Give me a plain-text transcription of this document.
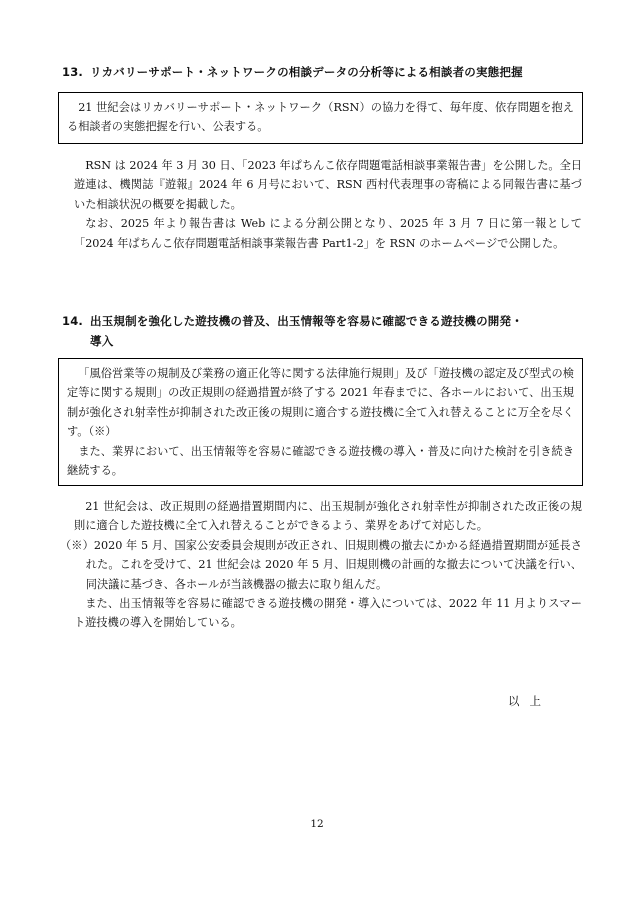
13. リカバリーサポート・ネットワークの相談データの分析等による相談者の実態把握

21 世紀会はリカバリーサポート・ネットワーク（RSN）の協力を得て、毎年度、依存問題を抱える相談者の実態把握を行い、公表する。

RSN は 2024 年 3 月 30 日、「2023 年ぱちんこ依存問題電話相談事業報告書」を公開した。全日遊連は、機関誌『遊報』2024 年 6 月号において、RSN 西村代表理事の寄稿による同報告書に基づいた相談状況の概要を掲載した。

なお、2025 年より報告書は Web による分割公開となり、2025 年 3 月 7 日に第一報として「2024 年ぱちんこ依存問題電話相談事業報告書 Part1-2」を RSN のホームページで公開した。

14. 出玉規制を強化した遊技機の普及、出玉情報等を容易に確認できる遊技機の開発・
導入

「風俗営業等の規制及び業務の適正化等に関する法律施行規則」及び「遊技機の認定及び型式の検定等に関する規則」の改正規則の経過措置が終了する 2021 年春までに、各ホールにおいて、出玉規制が強化され射幸性が抑制された改正後の規則に適合する遊技機に全て入れ替えることに万全を尽くす。（※）

また、業界において、出玉情報等を容易に確認できる遊技機の導入・普及に向けた検討を引き続き継続する。

21 世紀会は、改正規則の経過措置期間内に、出玉規制が強化され射幸性が抑制された改正後の規則に適合した遊技機に全て入れ替えることができるよう、業界をあげて対応した。

（※）2020 年 5 月、国家公安委員会規則が改正され、旧規則機の撤去にかかる経過措置期間が延長された。これを受けて、21 世紀会は 2020 年 5 月、旧規則機の計画的な撤去について決議を行い、同決議に基づき、各ホールが当該機器の撤去に取り組んだ。

また、出玉情報等を容易に確認できる遊技機の開発・導入については、2022 年 11 月よりスマート遊技機の導入を開始している。

以上
12
